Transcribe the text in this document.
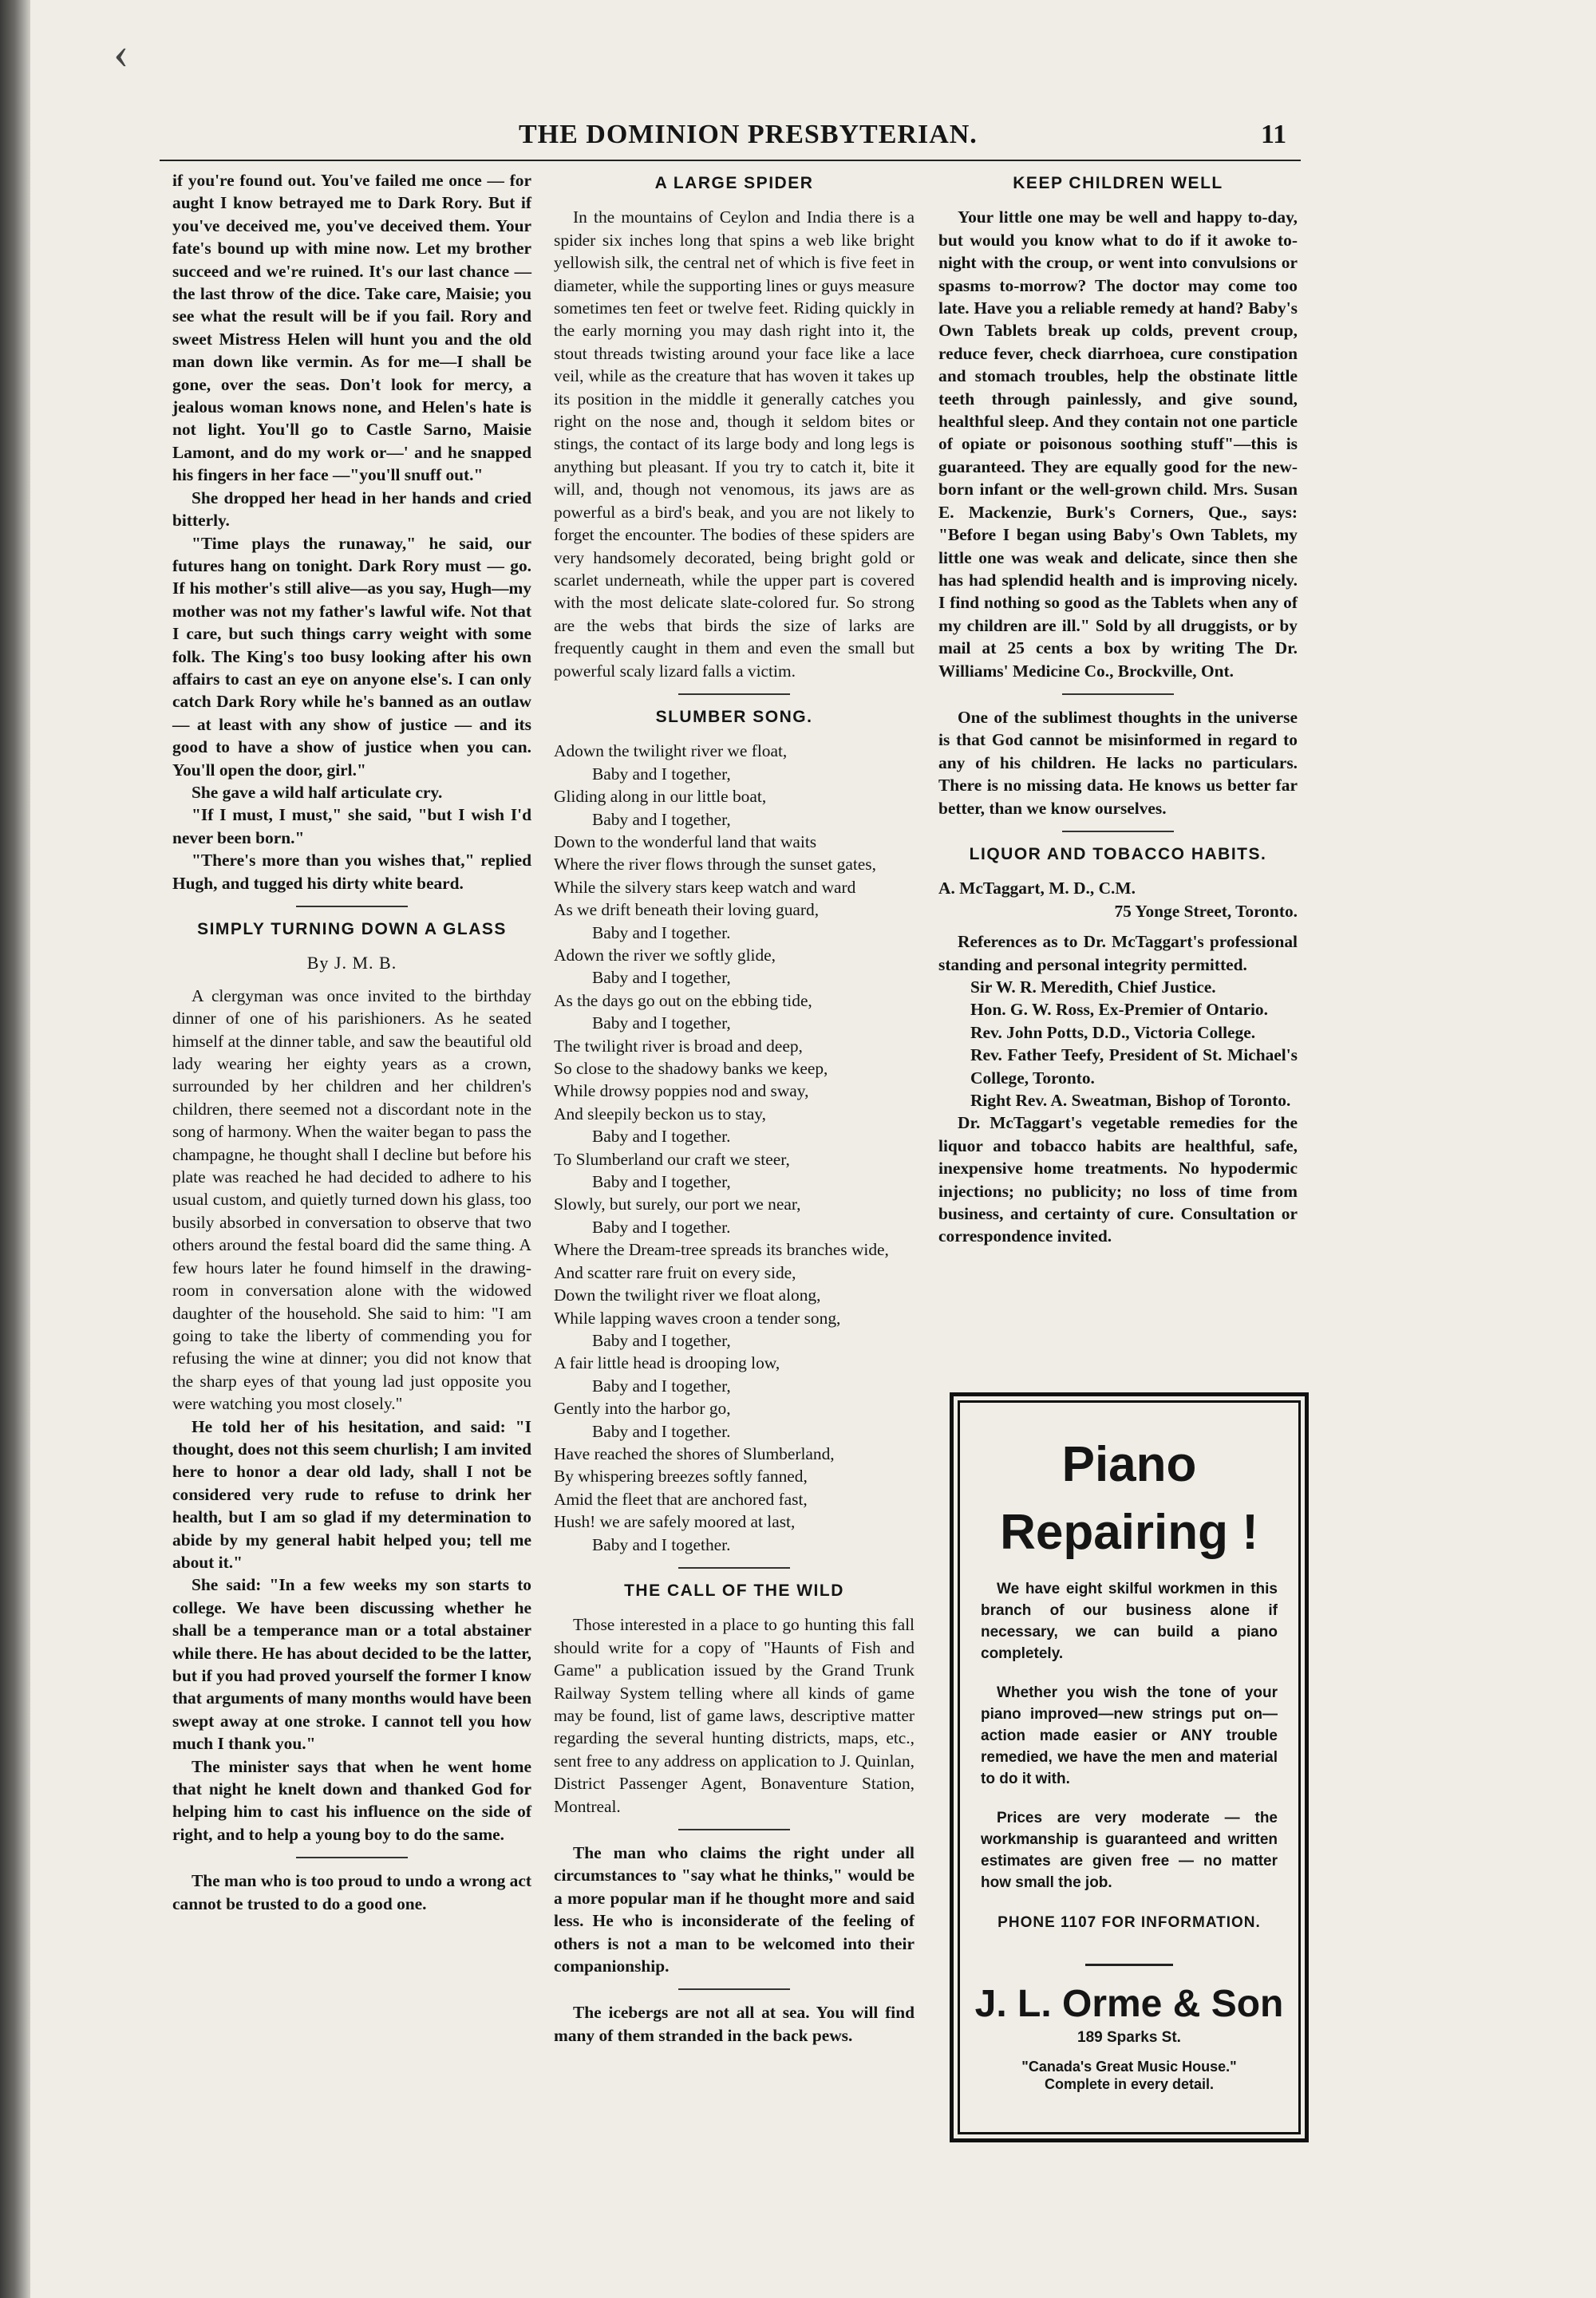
‹
THE DOMINION PRESBYTERIAN.	11

if you're found out. You've failed me once — for aught I know betrayed me to Dark Rory. But if you've deceived me, you've deceived them. Your fate's bound up with mine now. Let my brother succeed and we're ruined. It's our last chance — the last throw of the dice. Take care, Maisie; you see what the result will be if you fail. Rory and sweet Mistress Helen will hunt you and the old man down like vermin. As for me—I shall be gone, over the seas. Don't look for mercy, a jealous woman knows none, and Helen's hate is not light. You'll go to Castle Sarno, Maisie Lamont, and do my work or—' and he snapped his fingers in her face —"you'll snuff out."

She dropped her head in her hands and cried bitterly.

"Time plays the runaway," he said, our futures hang on tonight. Dark Rory must — go. If his mother's still alive—as you say, Hugh—my mother was not my father's lawful wife. Not that I care, but such things carry weight with some folk. The King's too busy looking after his own affairs to cast an eye on anyone else's. I can only catch Dark Rory while he's banned as an outlaw — at least with any show of justice — and its good to have a show of justice when you can. You'll open the door, girl."

She gave a wild half articulate cry.

"If I must, I must," she said, "but I wish I'd never been born."

"There's more than you wishes that," replied Hugh, and tugged his dirty white beard.

SIMPLY TURNING DOWN A GLASS
By J. M. B.

A clergyman was once invited to the birthday dinner of one of his parishioners. As he seated himself at the dinner table, and saw the beautiful old lady wearing her eighty years as a crown, surrounded by her children and her children's children, there seemed not a discordant note in the song of harmony. When the waiter began to pass the champagne, he thought shall I decline but before his plate was reached he had decided to adhere to his usual custom, and quietly turned down his glass, too busily absorbed in conversation to observe that two others around the festal board did the same thing. A few hours later he found himself in the drawing-room in conversation alone with the widowed daughter of the household. She said to him: "I am going to take the liberty of commending you for refusing the wine at dinner; you did not know that the sharp eyes of that young lad just opposite you were watching you most closely."

He told her of his hesitation, and said: "I thought, does not this seem churlish; I am invited here to honor a dear old lady, shall I not be considered very rude to refuse to drink her health, but I am so glad if my determination to abide by my general habit helped you; tell me about it."

She said: "In a few weeks my son starts to college. We have been discussing whether he shall be a temperance man or a total abstainer while there. He has about decided to be the latter, but if you had proved yourself the former I know that arguments of many months would have been swept away at one stroke. I cannot tell you how much I thank you."

The minister says that when he went home that night he knelt down and thanked God for helping him to cast his influence on the side of right, and to help a young boy to do the same.

The man who is too proud to undo a wrong act cannot be trusted to do a good one.

A LARGE SPIDER

In the mountains of Ceylon and India there is a spider six inches long that spins a web like bright yellowish silk, the central net of which is five feet in diameter, while the supporting lines or guys measure sometimes ten feet or twelve feet. Riding quickly in the early morning you may dash right into it, the stout threads twisting around your face like a lace veil, while as the creature that has woven it takes up its position in the middle it generally catches you right on the nose and, though it seldom bites or stings, the contact of its large body and long legs is anything but pleasant. If you try to catch it, bite it will, and, though not venomous, its jaws are as powerful as a bird's beak, and you are not likely to forget the encounter. The bodies of these spiders are very handsomely decorated, being bright gold or scarlet underneath, while the upper part is covered with the most delicate slate-colored fur. So strong are the webs that birds the size of larks are frequently caught in them and even the small but powerful scaly lizard falls a victim.

SLUMBER SONG.
Adown the twilight river we float,
Baby and I together,
Gliding along in our little boat,
Baby and I together,
Down to the wonderful land that waits
Where the river flows through the sunset gates,
While the silvery stars keep watch and ward
As we drift beneath their loving guard,
Baby and I together.
Adown the river we softly glide,
Baby and I together,
As the days go out on the ebbing tide,
Baby and I together,
The twilight river is broad and deep,
So close to the shadowy banks we keep,
While drowsy poppies nod and sway,
And sleepily beckon us to stay,
Baby and I together.
To Slumberland our craft we steer,
Baby and I together,
Slowly, but surely, our port we near,
Baby and I together.
Where the Dream-tree spreads its branches wide,
And scatter rare fruit on every side,
Down the twilight river we float along,
While lapping waves croon a tender song,
Baby and I together,
A fair little head is drooping low,
Baby and I together,
Gently into the harbor go,
Baby and I together.
Have reached the shores of Slumberland,
By whispering breezes softly fanned,
Amid the fleet that are anchored fast,
Hush! we are safely moored at last,
Baby and I together.
THE CALL OF THE WILD

Those interested in a place to go hunting this fall should write for a copy of "Haunts of Fish and Game" a publication issued by the Grand Trunk Railway System telling where all kinds of game may be found, list of game laws, descriptive matter regarding the several hunting districts, maps, etc., sent free to any address on application to J. Quinlan, District Passenger Agent, Bonaventure Station, Montreal.

The man who claims the right under all circumstances to "say what he thinks," would be a more popular man if he thought more and said less. He who is inconsiderate of the feeling of others is not a man to be welcomed into their companionship.

The icebergs are not all at sea. You will find many of them stranded in the back pews.

KEEP CHILDREN WELL

Your little one may be well and happy to-day, but would you know what to do if it awoke to-night with the croup, or went into convulsions or spasms to-morrow? The doctor may come too late. Have you a reliable remedy at hand? Baby's Own Tablets break up colds, prevent croup, reduce fever, check diarrhoea, cure constipation and stomach troubles, help the obstinate little teeth through painlessly, and give sound, healthful sleep. And they contain not one particle of opiate or poisonous soothing stuff"—this is guaranteed. They are equally good for the new-born infant or the well-grown child. Mrs. Susan E. Mackenzie, Burk's Corners, Que., says: "Before I began using Baby's Own Tablets, my little one was weak and delicate, since then she has had splendid health and is improving nicely. I find nothing so good as the Tablets when any of my children are ill." Sold by all druggists, or by mail at 25 cents a box by writing The Dr. Williams' Medicine Co., Brockville, Ont.

One of the sublimest thoughts in the universe is that God cannot be misinformed in regard to any of his children. He lacks no particulars. There is no missing data. He knows us better far better, than we know ourselves.

LIQUOR AND TOBACCO HABITS.
A. McTaggart, M. D., C.M.
75 Yonge Street, Toronto.

References as to Dr. McTaggart's professional standing and personal integrity permitted.

Sir W. R. Meredith, Chief Justice.
Hon. G. W. Ross, Ex-Premier of Ontario.
Rev. John Potts, D.D., Victoria College.
Rev. Father Teefy, President of St. Michael's College, Toronto.
Right Rev. A. Sweatman, Bishop of Toronto.

Dr. McTaggart's vegetable remedies for the liquor and tobacco habits are healthful, safe, inexpensive home treatments. No hypodermic injections; no publicity; no loss of time from business, and certainty of cure. Consultation or correspondence invited.

Piano
Repairing !
We have eight skilful workmen in this branch of our business alone if necessary, we can build a piano completely.
Whether you wish the tone of your piano improved—new strings put on—action made easier or ANY trouble remedied, we have the men and material to do it with.
Prices are very moderate — the workmanship is guaranteed and written estimates are given free — no matter how small the job.
PHONE 1107 FOR INFORMATION.
J. L. Orme & Son
189 Sparks St.
"Canada's Great Music House."
Complete in every detail.
